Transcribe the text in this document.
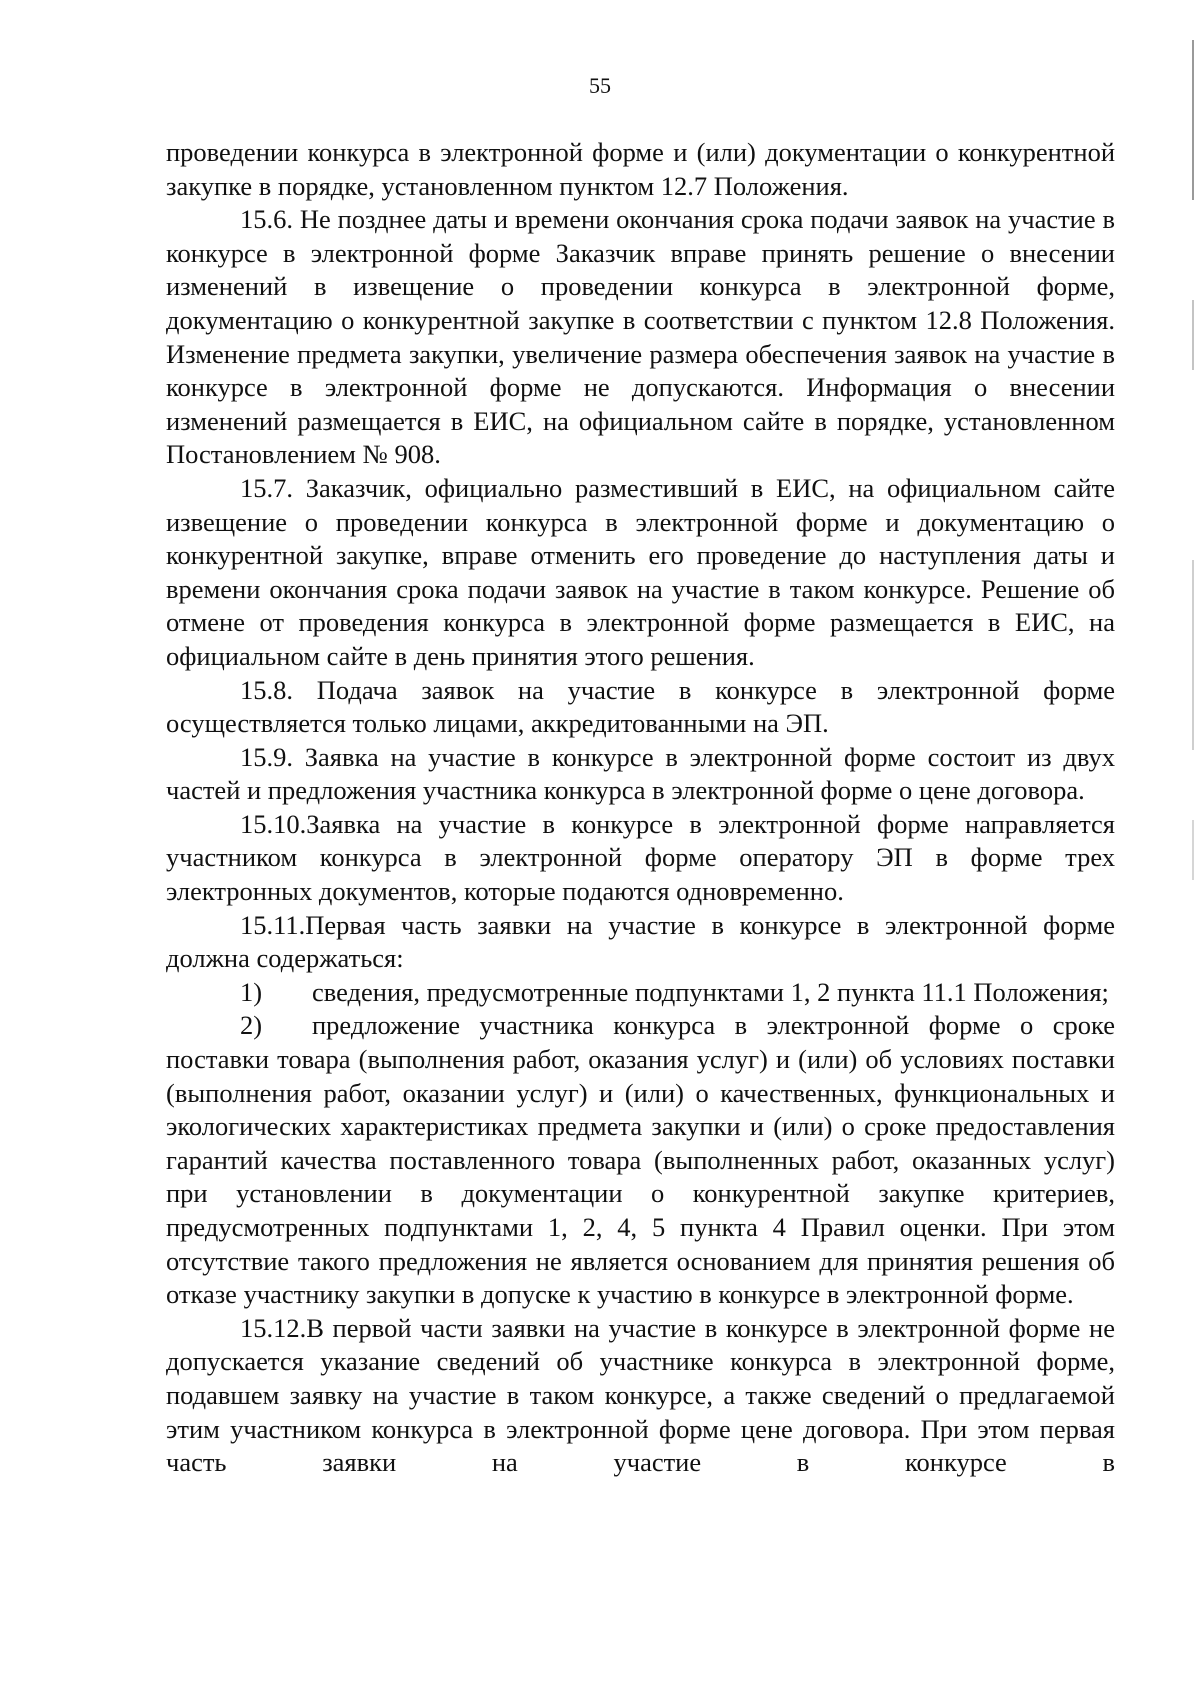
55

проведении конкурса в электронной форме и (или) документации о конкурентной закупке в порядке, установленном пунктом 12.7 Положения.

15.6. Не позднее даты и времени окончания срока подачи заявок на участие в конкурсе в электронной форме Заказчик вправе принять решение о внесении изменений в извещение о проведении конкурса в электронной форме, документацию о конкурентной закупке в соответствии с пунктом 12.8 Положения. Изменение предмета закупки, увеличение размера обеспечения заявок на участие в конкурсе в электронной форме не допускаются. Информация о внесении изменений размещается в ЕИС, на официальном сайте в порядке, установленном Постановлением № 908.

15.7. Заказчик, официально разместивший в ЕИС, на официальном сайте извещение о проведении конкурса в электронной форме и документацию о конкурентной закупке, вправе отменить его проведение до наступления даты и времени окончания срока подачи заявок на участие в таком конкурсе. Решение об отмене от проведения конкурса в электронной форме размещается в ЕИС, на официальном сайте в день принятия этого решения.

15.8. Подача заявок на участие в конкурсе в электронной форме осуществляется только лицами, аккредитованными на ЭП.

15.9. Заявка на участие в конкурсе в электронной форме состоит из двух частей и предложения участника конкурса в электронной форме о цене договора.

15.10.Заявка на участие в конкурсе в электронной форме направляется участником конкурса в электронной форме оператору ЭП в форме трех электронных документов, которые подаются одновременно.

15.11.Первая часть заявки на участие в конкурсе в электронной форме должна содержаться:

1) сведения, предусмотренные подпунктами 1, 2 пункта 11.1 Положения;

2) предложение участника конкурса в электронной форме о сроке поставки товара (выполнения работ, оказания услуг) и (или) об условиях поставки (выполнения работ, оказании услуг) и (или) о качественных, функциональных и экологических характеристиках предмета закупки и (или) о сроке предоставления гарантий качества поставленного товара (выполненных работ, оказанных услуг) при установлении в документации о конкурентной закупке критериев, предусмотренных подпунктами 1, 2, 4, 5 пункта 4 Правил оценки. При этом отсутствие такого предложения не является основанием для принятия решения об отказе участнику закупки в допуске к участию в конкурсе в электронной форме.

15.12.В первой части заявки на участие в конкурсе в электронной форме не допускается указание сведений об участнике конкурса в электронной форме, подавшем заявку на участие в таком конкурсе, а также сведений о предлагаемой этим участником конкурса в электронной форме цене договора. При этом первая часть заявки на участие в конкурсе в
